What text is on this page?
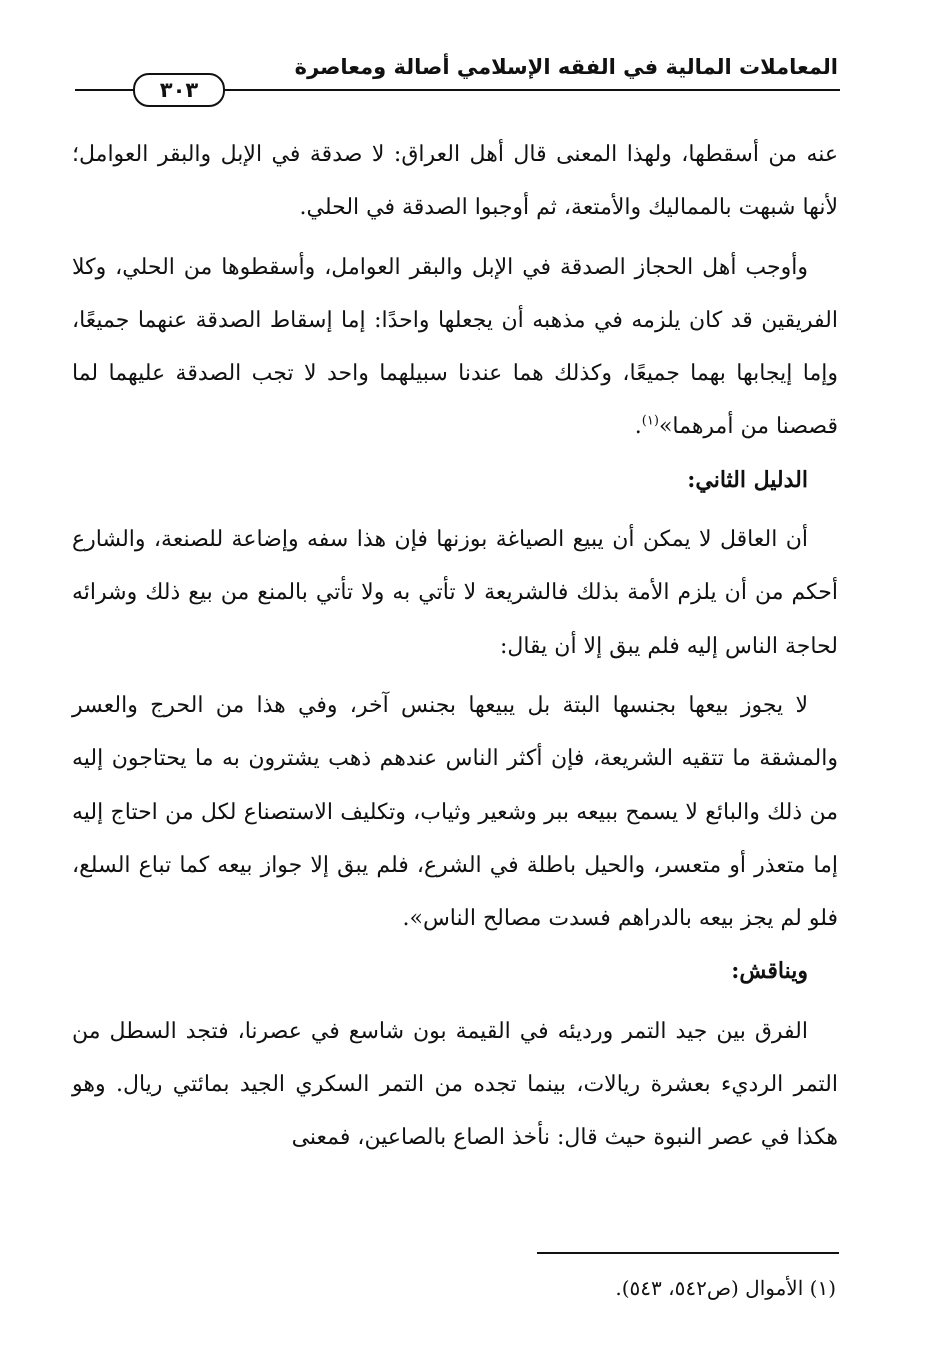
المعاملات المالية في الفقه الإسلامي أصالة ومعاصرة
٣٠٣

عنه من أسقطها، ولهذا المعنى قال أهل العراق: لا صدقة في الإبل والبقر العوامل؛ لأنها شبهت بالمماليك والأمتعة، ثم أوجبوا الصدقة في الحلي.

وأوجب أهل الحجاز الصدقة في الإبل والبقر العوامل، وأسقطوها من الحلي، وكلا الفريقين قد كان يلزمه في مذهبه أن يجعلها واحدًا: إما إسقاط الصدقة عنهما جميعًا، وإما إيجابها بهما جميعًا، وكذلك هما عندنا سبيلهما واحد لا تجب الصدقة عليهما لما قصصنا من أمرهما»$^{(١)}$.

الدليل الثاني:

أن العاقل لا يمكن أن يبيع الصياغة بوزنها فإن هذا سفه وإضاعة للصنعة، والشارع أحكم من أن يلزم الأمة بذلك فالشريعة لا تأتي به ولا تأتي بالمنع من بيع ذلك وشرائه لحاجة الناس إليه فلم يبق إلا أن يقال:

لا يجوز بيعها بجنسها البتة بل يبيعها بجنس آخر، وفي هذا من الحرج والعسر والمشقة ما تتقيه الشريعة، فإن أكثر الناس عندهم ذهب يشترون به ما يحتاجون إليه من ذلك والبائع لا يسمح ببيعه ببر وشعير وثياب، وتكليف الاستصناع لكل من احتاج إليه إما متعذر أو متعسر، والحيل باطلة في الشرع، فلم يبق إلا جواز بيعه كما تباع السلع، فلو لم يجز بيعه بالدراهم فسدت مصالح الناس».

ويناقش:

الفرق بين جيد التمر ورديئه في القيمة بون شاسع في عصرنا، فتجد السطل من التمر الرديء بعشرة ريالات، بينما تجده من التمر السكري الجيد بمائتي ريال. وهو هكذا في عصر النبوة حيث قال: نأخذ الصاع بالصاعين، فمعنى

(١) الأموال (ص٥٤٢، ٥٤٣).
